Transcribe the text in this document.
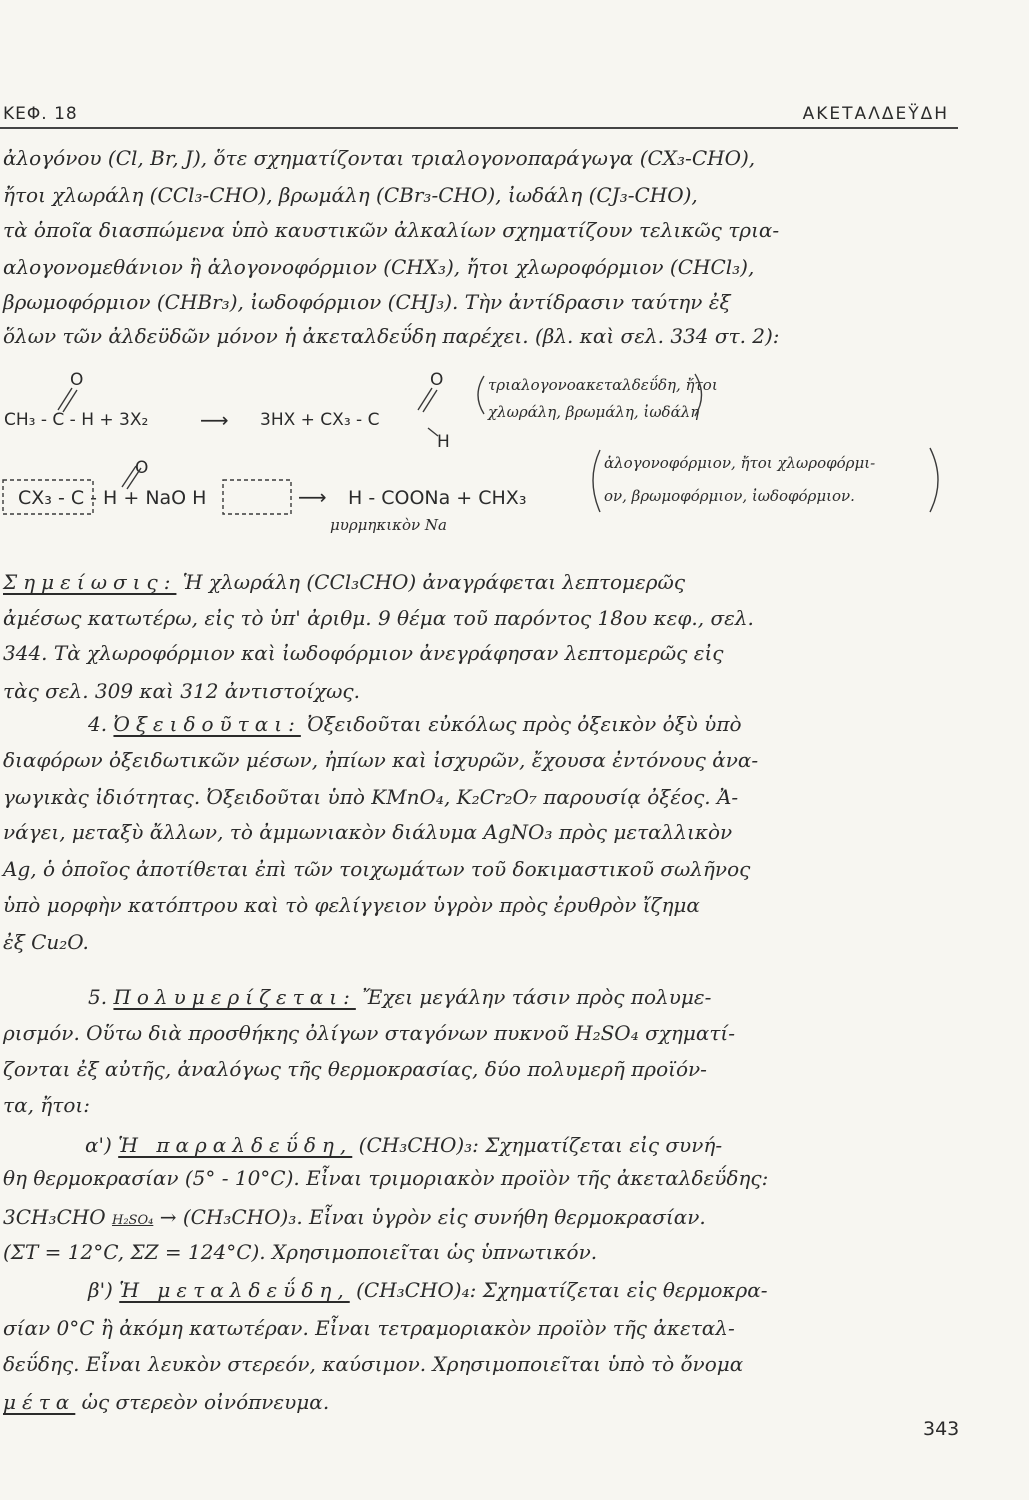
ΚΕΦ. 18	ΑΚΕΤΑΛΔΕΫΔΗ
ἀλογόνου (Cl, Br, J), ὅτε σχηματίζονται τριαλογονοπαράγωγα (CX₃-CHO),
ἤτοι χλωράλη (CCl₃-CHO), βρωμάλη (CBr₃-CHO), ἰωδάλη (CJ₃-CHO),
τὰ ὁποῖα διασπώμενα ὑπὸ καυστικῶν ἀλκαλίων σχηματίζουν τελικῶς τρια-
αλογονομεθάνιον ἢ ἁλογονοφόρμιον (CHX₃), ἤτοι χλωροφόρμιον (CHCl₃),
βρωμοφόρμιον (CHBr₃), ἰωδοφόρμιον (CHJ₃). Τὴν ἀντίδρασιν ταύτην ἐξ
ὅλων τῶν ἀλδεϋδῶν μόνον ἡ ἀκεταλδεΰδη παρέχει. (βλ. καὶ σελ. 334 στ. 2):
O
CH₃ - C - H + 3X₂	⟶ 3HX + CX₃ - C
O
H
τριαλογονοακεταλδεΰδη, ἤτοι
χλωράλη, βρωμάλη, ἰωδάλη
O
CX₃ - C - H + NaO H	⟶ H - COONa + CHX₃
μυρμηκικὸν Na
ἁλογονοφόρμιον, ἤτοι χλωροφόρμι-
ον, βρωμοφόρμιον, ἰωδοφόρμιον.
Σημείωσις: Ἡ χλωράλη (CCl₃CHO) ἀναγράφεται λεπτομερῶς
ἀμέσως κατωτέρω, εἰς τὸ ὑπ' ἀριθμ. 9 θέμα τοῦ παρόντος 18ου κεφ., σελ.
344. Τὰ χλωροφόρμιον καὶ ἰωδοφόρμιον ἀνεγράφησαν λεπτομερῶς εἰς
τὰς σελ. 309 καὶ 312 ἀντιστοίχως.
4. Ὀξειδοῦται: Ὀξειδοῦται εὐκόλως πρὸς ὀξεικὸν ὀξὺ ὑπὸ
διαφόρων ὀξειδωτικῶν μέσων, ἠπίων καὶ ἰσχυρῶν, ἔχουσα ἐντόνους ἀνα-
γωγικὰς ἰδιότητας. Ὀξειδοῦται ὑπὸ KMnO₄, K₂Cr₂O₇ παρουσίᾳ ὀξέος. Ἀ-
νάγει, μεταξὺ ἄλλων, τὸ ἀμμωνιακὸν διάλυμα AgNO₃ πρὸς μεταλλικὸν
Ag, ὁ ὁποῖος ἀποτίθεται ἐπὶ τῶν τοιχωμάτων τοῦ δοκιμαστικοῦ σωλῆνος
ὑπὸ μορφὴν κατόπτρου καὶ τὸ φελίγγειον ὑγρὸν πρὸς ἐρυθρὸν ἴζημα
ἐξ Cu₂O.
5. Πολυμερίζεται: Ἔχει μεγάλην τάσιν πρὸς πολυμε-
ρισμόν. Οὕτω διὰ προσθήκης ὀλίγων σταγόνων πυκνοῦ H₂SO₄ σχηματί-
ζονται ἐξ αὐτῆς, ἀναλόγως τῆς θερμοκρασίας, δύο πολυμερῆ προϊόν-
τα, ἤτοι:
α') Ἡ παραλδεΰδη, (CH₃CHO)₃: Σχηματίζεται εἰς συνή-
θη θερμοκρασίαν (5° - 10°C). Εἶναι τριμοριακὸν προϊὸν τῆς ἀκεταλδεΰδης:
3CH₃CHO H₂SO₄ → (CH₃CHO)₃. Εἶναι ὑγρὸν εἰς συνήθη θερμοκρασίαν.
(ΣΤ = 12°C, ΣΖ = 124°C). Χρησιμοποιεῖται ὡς ὑπνωτικόν.
β') Ἡ μεταλδεΰδη, (CH₃CHO)₄: Σχηματίζεται εἰς θερμοκρα-
σίαν 0°C ἢ ἀκόμη κατωτέραν. Εἶναι τετραμοριακὸν προϊὸν τῆς ἀκεταλ-
δεΰδης. Εἶναι λευκὸν στερεόν, καύσιμον. Χρησιμοποιεῖται ὑπὸ τὸ ὄνομα
μέτα ὡς στερεὸν οἰνόπνευμα.
343
